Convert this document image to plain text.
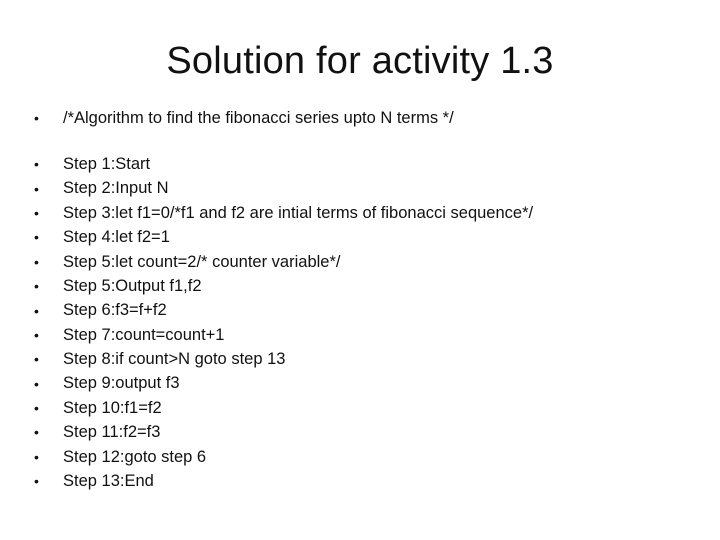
Solution for activity 1.3
•	/*Algorithm to find the fibonacci series upto N terms */
•	Step 1:Start
•	Step 2:Input N
•	Step 3:let f1=0/*f1 and f2 are intial terms of fibonacci sequence*/
•	Step 4:let f2=1
•	Step 5:let count=2/* counter variable*/
•	Step 5:Output f1,f2
•	Step 6:f3=f+f2
•	Step 7:count=count+1
•	Step 8:if count>N goto step 13
•	Step 9:output f3
•	Step 10:f1=f2
•	Step 11:f2=f3
•	Step 12:goto step 6
•	Step 13:End
